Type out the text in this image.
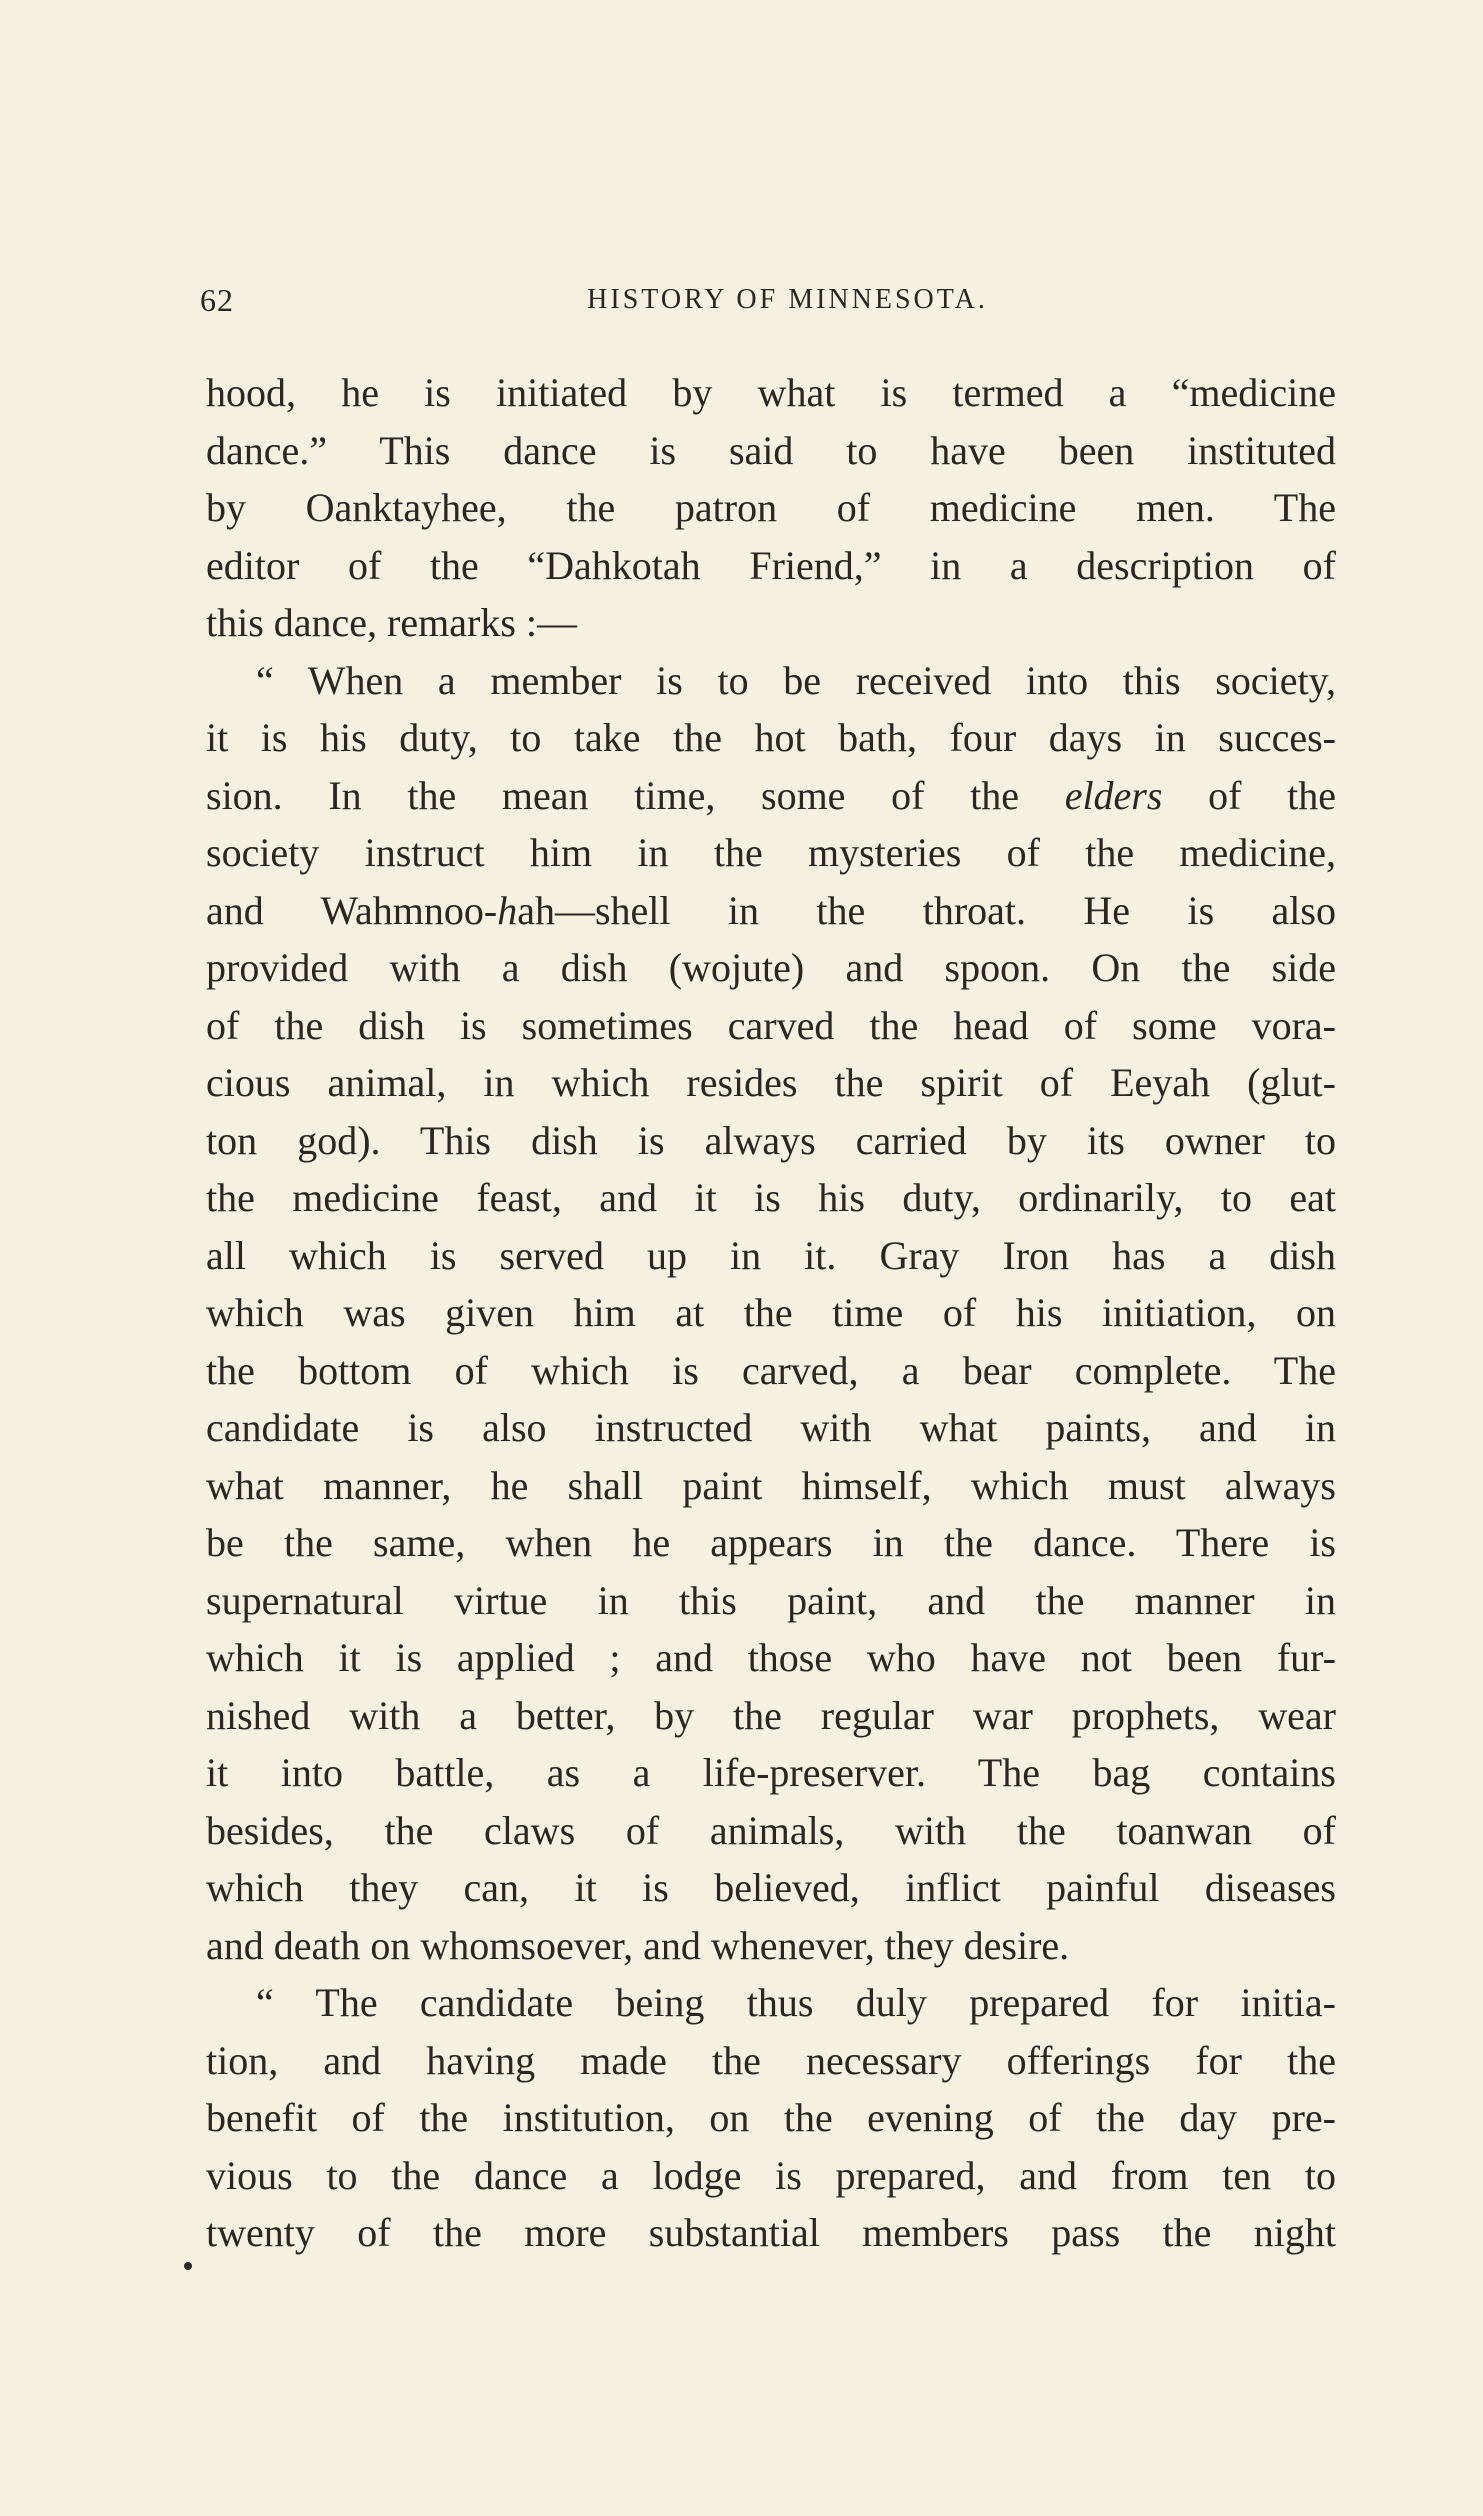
62	HISTORY OF MINNESOTA.
hood, he is initiated by what is termed a “medicine
dance.” This dance is said to have been instituted
by Oanktayhee, the patron of medicine men. The
editor of the “Dahkotah Friend,” in a description of
this dance, remarks :—
“ When a member is to be received into this society,
it is his duty, to take the hot bath, four days in succes-
sion. In the mean time, some of the elders of the
society instruct him in the mysteries of the medicine,
and Wahmnoo-hah—shell in the throat. He is also
provided with a dish (wojute) and spoon. On the side
of the dish is sometimes carved the head of some vora-
cious animal, in which resides the spirit of Eeyah (glut-
ton god). This dish is always carried by its owner to
the medicine feast, and it is his duty, ordinarily, to eat
all which is served up in it. Gray Iron has a dish
which was given him at the time of his initiation, on
the bottom of which is carved, a bear complete. The
candidate is also instructed with what paints, and in
what manner, he shall paint himself, which must always
be the same, when he appears in the dance. There is
supernatural virtue in this paint, and the manner in
which it is applied ; and those who have not been fur-
nished with a better, by the regular war prophets, wear
it into battle, as a life-preserver. The bag contains
besides, the claws of animals, with the toanwan of
which they can, it is believed, inflict painful diseases
and death on whomsoever, and whenever, they desire.
“ The candidate being thus duly prepared for initia-
tion, and having made the necessary offerings for the
benefit of the institution, on the evening of the day pre-
vious to the dance a lodge is prepared, and from ten to
twenty of the more substantial members pass the night
